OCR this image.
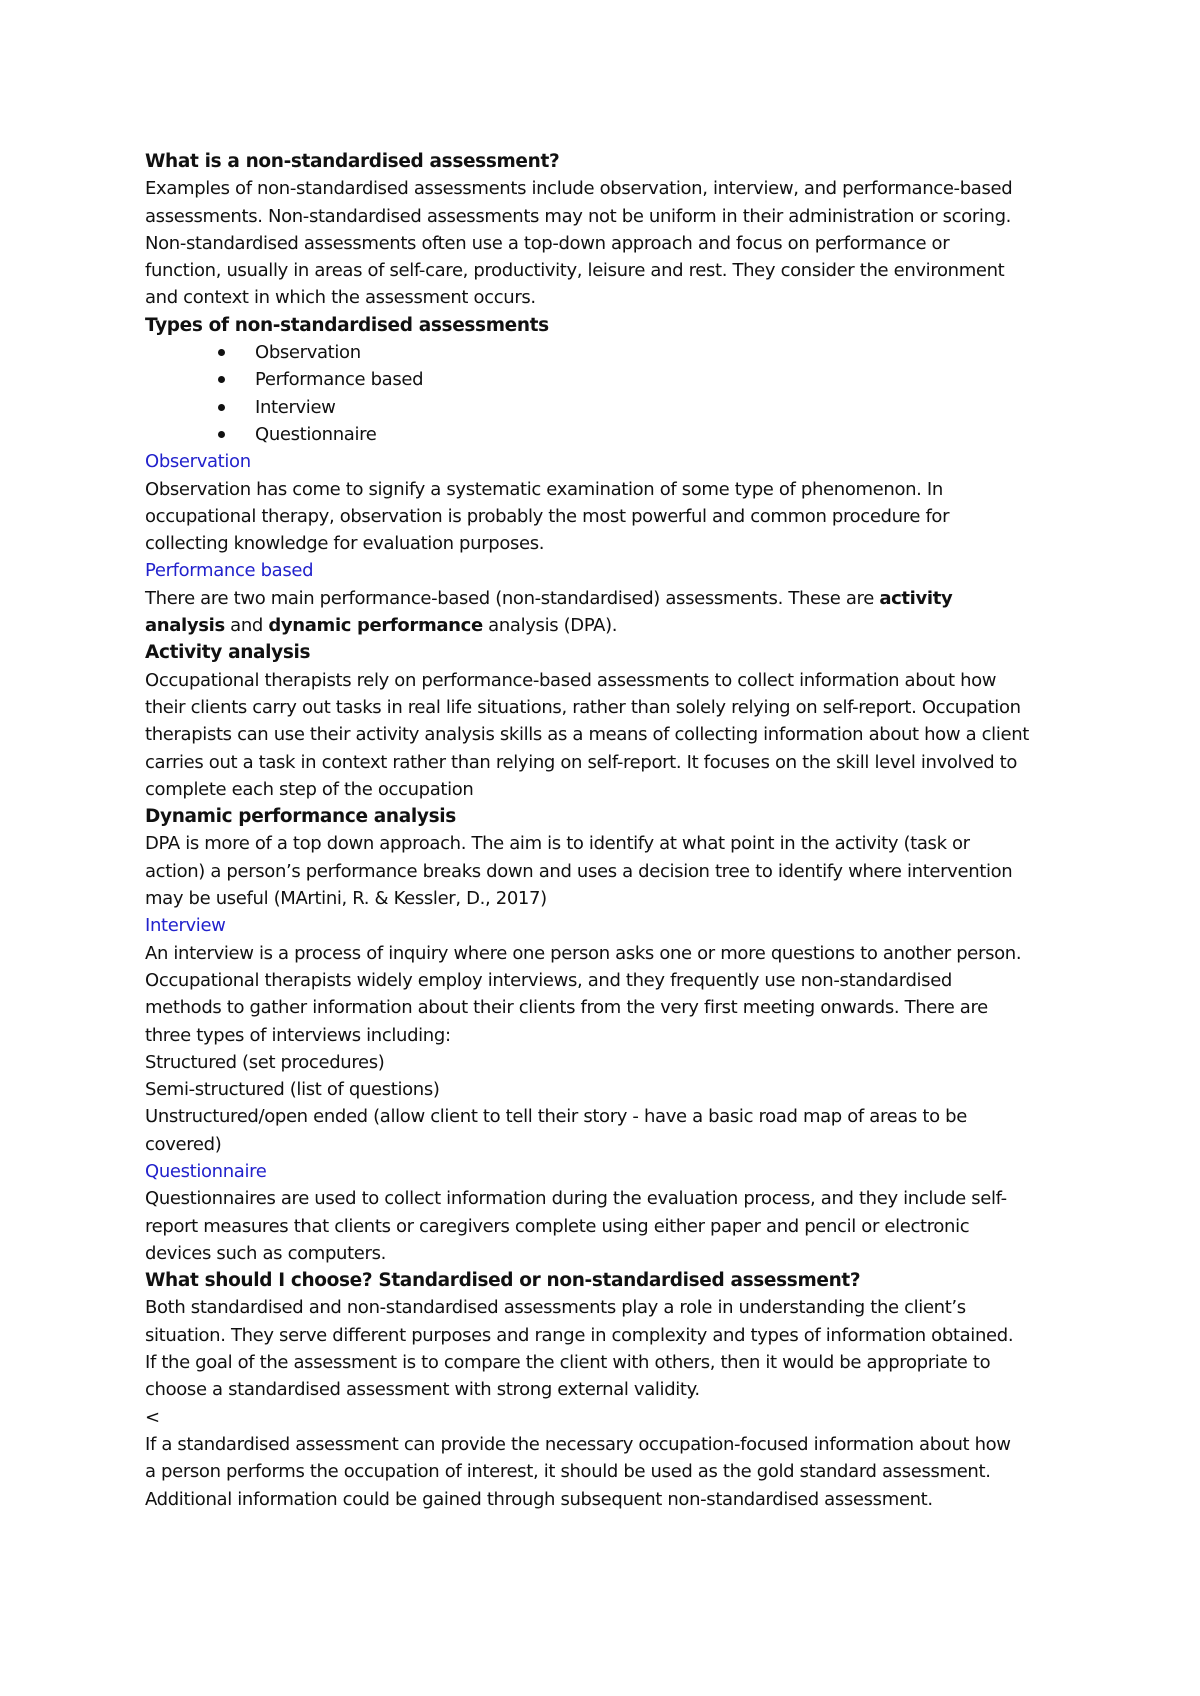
What is a non-standardised assessment?
Examples of non-standardised assessments include observation, interview, and performance-based
assessments. Non-standardised assessments may not be uniform in their administration or scoring.
Non-standardised assessments often use a top-down approach and focus on performance or
function, usually in areas of self-care, productivity, leisure and rest. They consider the environment
and context in which the assessment occurs.
Types of non-standardised assessments
Observation
Performance based
Interview
Questionnaire
Observation
Observation has come to signify a systematic examination of some type of phenomenon. In
occupational therapy, observation is probably the most powerful and common procedure for
collecting knowledge for evaluation purposes.
Performance based
There are two main performance-based (non-standardised) assessments. These are activity
analysis and dynamic performance analysis (DPA).
Activity analysis
Occupational therapists rely on performance-based assessments to collect information about how
their clients carry out tasks in real life situations, rather than solely relying on self-report. Occupation
therapists can use their activity analysis skills as a means of collecting information about how a client
carries out a task in context rather than relying on self-report. It focuses on the skill level involved to
complete each step of the occupation
Dynamic performance analysis
DPA is more of a top down approach. The aim is to identify at what point in the activity (task or
action) a person’s performance breaks down and uses a decision tree to identify where intervention
may be useful (MArtini, R. & Kessler, D., 2017)
Interview
An interview is a process of inquiry where one person asks one or more questions to another person.
Occupational therapists widely employ interviews, and they frequently use non-standardised
methods to gather information about their clients from the very first meeting onwards. There are
three types of interviews including:
Structured (set procedures)
Semi-structured (list of questions)
Unstructured/open ended (allow client to tell their story - have a basic road map of areas to be
covered)
Questionnaire
Questionnaires are used to collect information during the evaluation process, and they include self-
report measures that clients or caregivers complete using either paper and pencil or electronic
devices such as computers.
What should I choose? Standardised or non-standardised assessment?
Both standardised and non-standardised assessments play a role in understanding the client’s
situation. They serve different purposes and range in complexity and types of information obtained.
If the goal of the assessment is to compare the client with others, then it would be appropriate to
choose a standardised assessment with strong external validity.
<
If a standardised assessment can provide the necessary occupation-focused information about how
a person performs the occupation of interest, it should be used as the gold standard assessment.
Additional information could be gained through subsequent non-standardised assessment.
